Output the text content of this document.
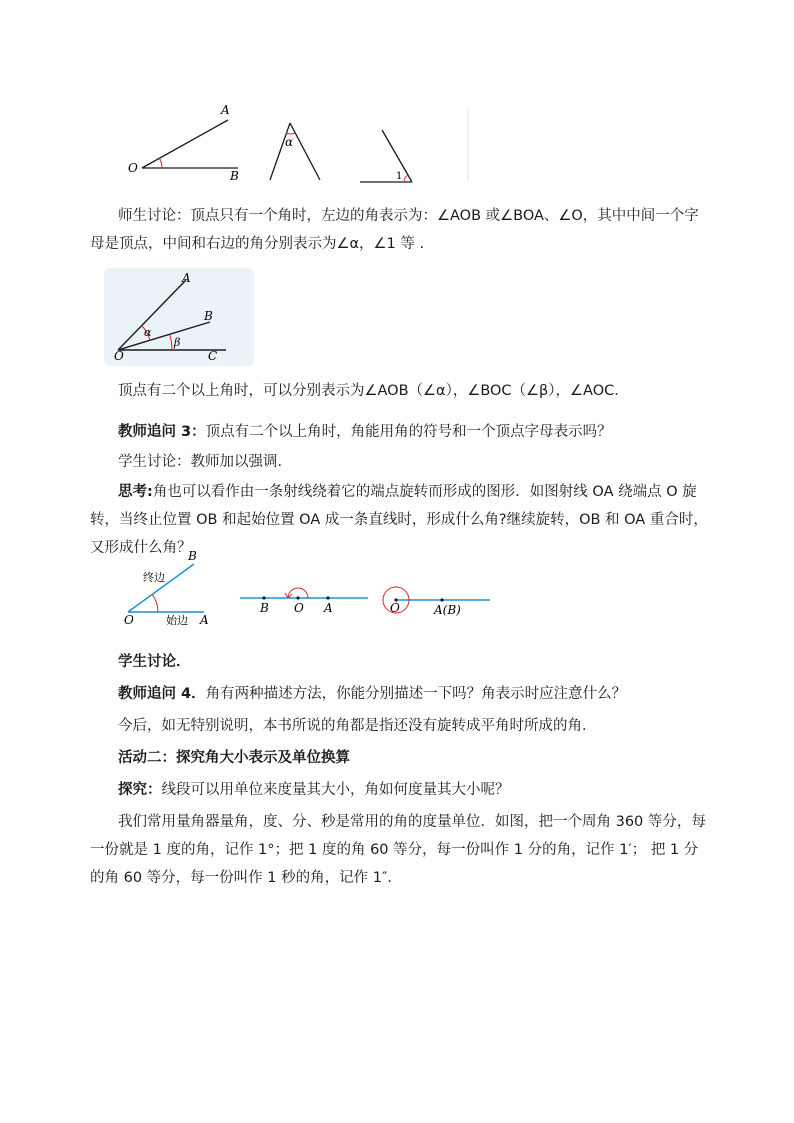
A
O
B
α
1

师生讨论：顶点只有一个角时，左边的角表示为：∠AOB 或∠BOA、∠O，其中中间一个字母是顶点，中间和右边的角分别表示为∠α，∠1 等 .

A
B
O	C
α
β

顶点有二个以上角时，可以分别表示为∠AOB（∠α），∠BOC（∠β），∠AOC．

教师追问 3：顶点有二个以上角时，角能用角的符号和一个顶点字母表示吗？

学生讨论：教师加以强调．

思考:角也可以看作由一条射线绕着它的端点旋转而形成的图形．如图射线 OA 绕端点 O 旋转，当终止位置 OB 和起始位置 OA 成一条直线时，形成什么角?继续旋转，OB 和 OA 重合时，又形成什么角？

B
终边
O	始边 A
B O A	O	A(B)

学生讨论．

教师追问 4．角有两种描述方法，你能分别描述一下吗？角表示时应注意什么？

今后，如无特别说明，本书所说的角都是指还没有旋转成平角时所成的角．

活动二：探究角大小表示及单位换算

探究：线段可以用单位来度量其大小，角如何度量其大小呢？

我们常用量角器量角，度、分、秒是常用的角的度量单位．如图，把一个周角 360 等分，每一份就是 1 度的角，记作 1°；把 1 度的角 60 等分，每一份叫作 1 分的角，记作 1′； 把 1 分的角 60 等分，每一份叫作 1 秒的角，记作 1″．
